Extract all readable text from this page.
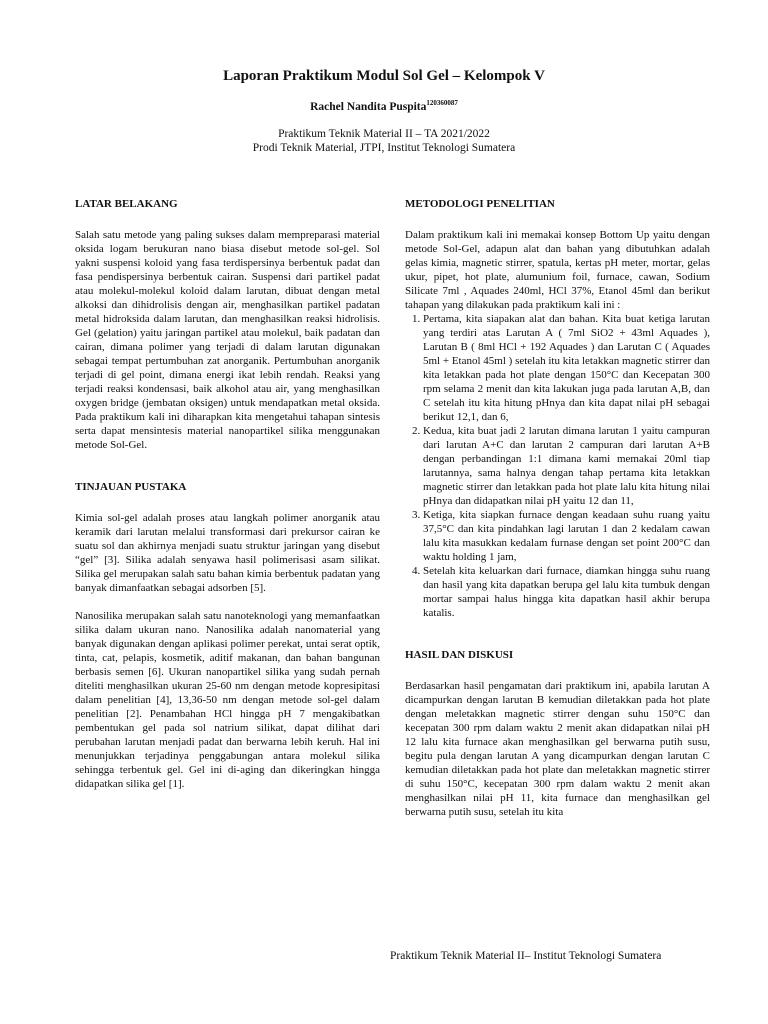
Laporan Praktikum Modul Sol Gel – Kelompok V
Rachel Nandita Puspita$^{120360087}$
Praktikum Teknik Material II – TA 2021/2022
Prodi Teknik Material, JTPI, Institut Teknologi Sumatera
LATAR BELAKANG

Salah satu metode yang paling sukses dalam mempreparasi material oksida logam berukuran nano biasa disebut metode sol-gel. Sol yakni suspensi koloid yang fasa terdispersinya berbentuk padat dan fasa pendispersinya berbentuk cairan. Suspensi dari partikel padat atau molekul-molekul koloid dalam larutan, dibuat dengan metal alkoksi dan dihidrolisis dengan air, menghasilkan partikel padatan metal hidroksida dalam larutan, dan menghasilkan reaksi hidrolisis. Gel (gelation) yaitu jaringan partikel atau molekul, baik padatan dan cairan, dimana polimer yang terjadi di dalam larutan digunakan sebagai tempat pertumbuhan zat anorganik. Pertumbuhan anorganik terjadi di gel point, dimana energi ikat lebih rendah. Reaksi yang terjadi reaksi kondensasi, baik alkohol atau air, yang menghasilkan oxygen bridge (jembatan oksigen) untuk mendapatkan metal oksida. Pada praktikum kali ini diharapkan kita mengetahui tahapan sintesis serta dapat mensintesis material nanopartikel silika menggunakan metode Sol-Gel.

TINJAUAN PUSTAKA

Kimia sol-gel adalah proses atau langkah polimer anorganik atau keramik dari larutan melalui transformasi dari prekursor cairan ke suatu sol dan akhirnya menjadi suatu struktur jaringan yang disebut “gel” [3]. Silika adalah senyawa hasil polimerisasi asam silikat. Silika gel merupakan salah satu bahan kimia berbentuk padatan yang banyak dimanfaatkan sebagai adsorben [5].

Nanosilika merupakan salah satu nanoteknologi yang memanfaatkan silika dalam ukuran nano. Nanosilika adalah nanomaterial yang banyak digunakan dengan aplikasi polimer perekat, untai serat optik, tinta, cat, pelapis, kosmetik, aditif makanan, dan bahan bangunan berbasis semen [6]. Ukuran nanopartikel silika yang sudah pernah diteliti menghasilkan ukuran 25-60 nm dengan metode kopresipitasi dalam penelitian [4], 13,36-50 nm dengan metode sol-gel dalam penelitian [2]. Penambahan HCl hingga pH 7 mengakibatkan pembentukan gel pada sol natrium silikat, dapat dilihat dari perubahan larutan menjadi padat dan berwarna lebih keruh. Hal ini menunjukkan terjadinya penggabungan antara molekul silika sehingga terbentuk gel. Gel ini di-aging dan dikeringkan hingga didapatkan silika gel [1].

METODOLOGI PENELITIAN

Dalam praktikum kali ini memakai konsep Bottom Up yaitu dengan metode Sol-Gel, adapun alat dan bahan yang dibutuhkan adalah gelas kimia, magnetic stirrer, spatula, kertas pH meter, mortar, gelas ukur, pipet, hot plate, alumunium foil, furnace, cawan, Sodium Silicate 7ml , Aquades 240ml, HCl 37%, Etanol 45ml dan berikut tahapan yang dilakukan pada praktikum kali ini :

1. Pertama, kita siapakan alat dan bahan. Kita buat ketiga larutan yang terdiri atas Larutan A ( 7ml SiO2 + 43ml Aquades ), Larutan B ( 8ml HCl + 192 Aquades ) dan Larutan C ( Aquades 5ml + Etanol 45ml ) setelah itu kita letakkan magnetic stirrer dan kita letakkan pada hot plate dengan 150°C dan Kecepatan 300 rpm selama 2 menit dan kita lakukan juga pada larutan A,B, dan C setelah itu kita hitung pHnya dan kita dapat nilai pH sebagai berikut 12,1, dan 6,
2. Kedua, kita buat jadi 2 larutan dimana larutan 1 yaitu campuran dari larutan A+C dan larutan 2 campuran dari larutan A+B dengan perbandingan 1:1 dimana kami memakai 20ml tiap larutannya, sama halnya dengan tahap pertama kita letakkan magnetic stirrer dan letakkan pada hot plate lalu kita hitung nilai pHnya dan didapatkan nilai pH yaitu 12 dan 11,
3. Ketiga, kita siapkan furnace dengan keadaan suhu ruang yaitu 37,5°C dan kita pindahkan lagi larutan 1 dan 2 kedalam cawan lalu kita masukkan kedalam furnase dengan set point 200°C dan waktu holding 1 jam,
4. Setelah kita keluarkan dari furnace, diamkan hingga suhu ruang dan hasil yang kita dapatkan berupa gel lalu kita tumbuk dengan mortar sampai halus hingga kita dapatkan hasil akhir berupa katalis.
HASIL DAN DISKUSI

Berdasarkan hasil pengamatan dari praktikum ini, apabila larutan A dicampurkan dengan larutan B kemudian diletakkan pada hot plate dengan meletakkan magnetic stirrer dengan suhu 150°C dan kecepatan 300 rpm dalam waktu 2 menit akan didapatkan nilai pH 12 lalu kita furnace akan menghasilkan gel berwarna putih susu, begitu pula dengan larutan A yang dicampurkan dengan larutan C kemudian diletakkan pada hot plate dan meletakkan magnetic stirrer di suhu 150°C, kecepatan 300 rpm dalam waktu 2 menit akan menghasilkan nilai pH 11, kita furnace dan menghasilkan gel berwarna putih susu, setelah itu kita

Praktikum Teknik Material II– Institut Teknologi Sumatera
